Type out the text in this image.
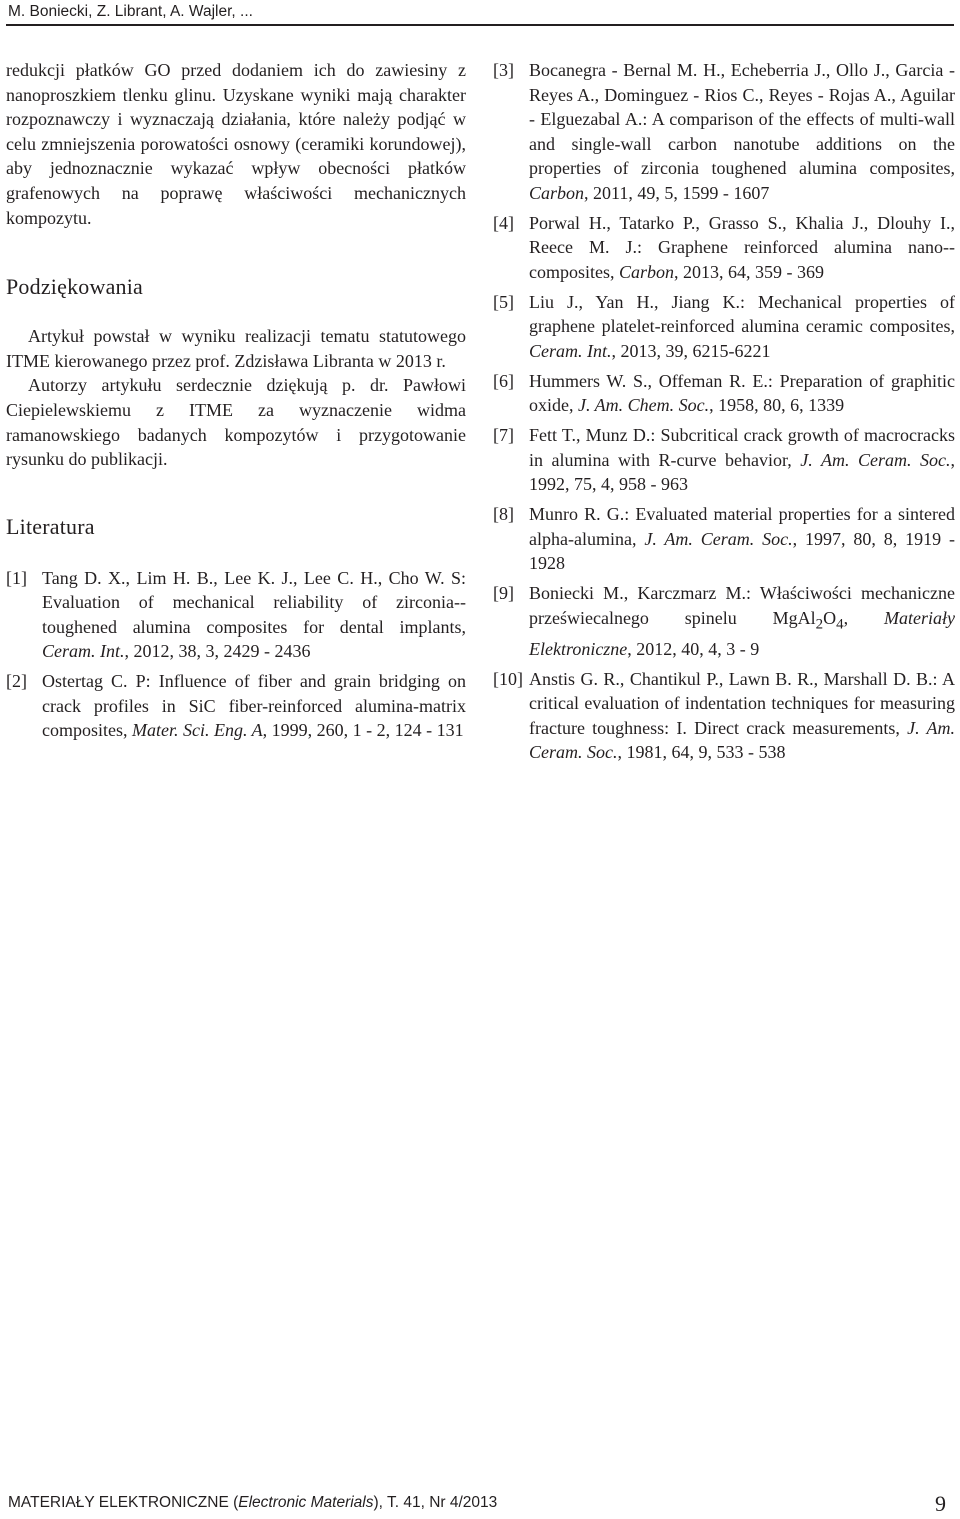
M. Boniecki, Z. Librant, A. Wajler, ...

redukcji płatków GO przed dodaniem ich do zawiesiny z nanoproszkiem tlenku glinu. Uzyskane wyniki mają charakter rozpoznawczy i wyznaczają działania, które należy podjąć w celu zmniejszenia porowatości osnowy (ceramiki korundowej), aby jednoznacznie wykazać wpływ obecności płatków grafenowych na poprawę właściwości mechanicznych kompozytu.

Podziękowania

Artykuł powstał w wyniku realizacji tematu statutowego ITME kierowanego przez prof. Zdzisława Libranta w 2013 r.

Autorzy artykułu serdecznie dziękują p. dr. Pawłowi Ciepielewskiemu z ITME za wyznaczenie widma ramanowskiego badanych kompozytów i przygotowanie rysunku do publikacji.

Literatura
[1] Tang D. X., Lim H. B., Lee K. J., Lee C. H., Cho W. S: Evaluation of mechanical reliability of zirconia--toughened alumina composites for dental implants, Ceram. Int., 2012, 38, 3, 2429 - 2436
[2] Ostertag C. P: Influence of fiber and grain bridging on crack profiles in SiC fiber-reinforced alumina-matrix composites, Mater. Sci. Eng. A, 1999, 260, 1 - 2, 124 - 131
[3] Bocanegra - Bernal M. H., Echeberria J., Ollo J., Garcia - Reyes A., Dominguez - Rios C., Reyes - Rojas A., Aguilar - Elguezabal A.: A comparison of the effects of multi-wall and single-wall carbon nanotube additions on the properties of zirconia toughened alumina composites, Carbon, 2011, 49, 5, 1599 - 1607
[4] Porwal H., Tatarko P., Grasso S., Khalia J., Dlouhy I., Reece M. J.: Graphene reinforced alumina nano--composites, Carbon, 2013, 64, 359 - 369
[5] Liu J., Yan H., Jiang K.: Mechanical properties of graphene platelet-reinforced alumina ceramic composites, Ceram. Int., 2013, 39, 6215-6221
[6] Hummers W. S., Offeman R. E.: Preparation of graphitic oxide, J. Am. Chem. Soc., 1958, 80, 6, 1339
[7] Fett T., Munz D.: Subcritical crack growth of macrocracks in alumina with R-curve behavior, J. Am. Ceram. Soc., 1992, 75, 4, 958 - 963
[8] Munro R. G.: Evaluated material properties for a sintered alpha-alumina, J. Am. Ceram. Soc., 1997, 80, 8, 1919 - 1928
[9] Boniecki M., Karczmarz M.: Właściwości mechaniczne przeświecalnego spinelu $MgAl_2O_4$, Materiały Elektroniczne, 2012, 40, 4, 3 - 9
[10] Anstis G. R., Chantikul P., Lawn B. R., Marshall D. B.: A critical evaluation of indentation techniques for measuring fracture toughness: I. Direct crack measurements, J. Am. Ceram. Soc., 1981, 64, 9, 533 - 538
MATERIAŁY ELEKTRONICZNE (Electronic Materials), T. 41, Nr 4/2013	9
